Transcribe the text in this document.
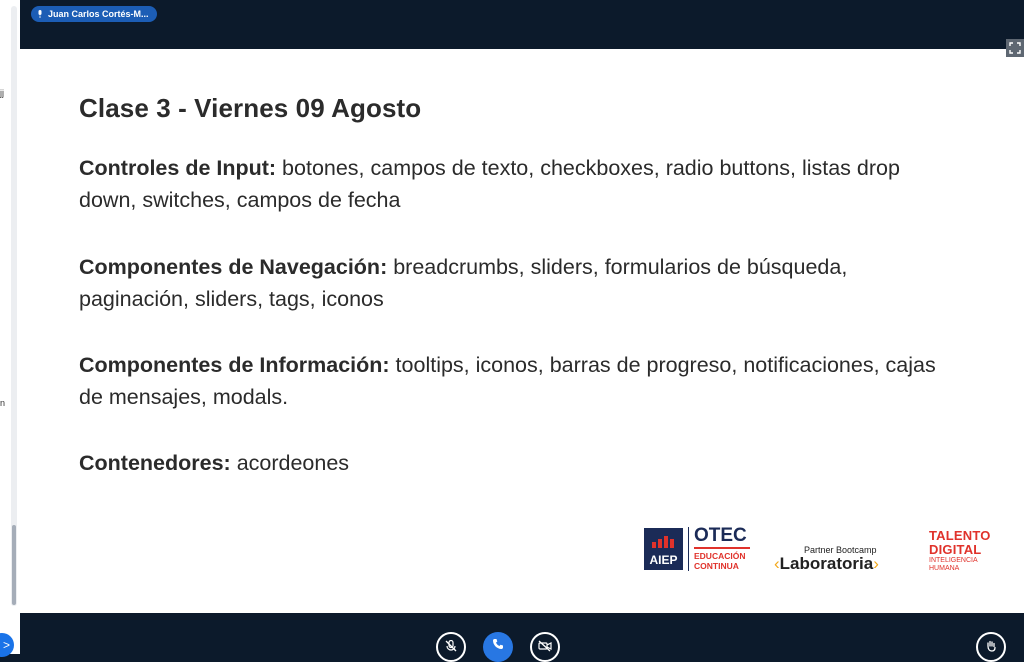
jj
n
>
Juan Carlos Cortés-M...
Clase 3 - Viernes 09 Agosto

Controles de Input: botones, campos de texto, checkboxes, radio buttons, listas drop down, switches, campos de fecha

Componentes de Navegación: breadcrumbs, sliders, formularios de búsqueda, paginación, sliders, tags, iconos

Componentes de Información: tooltips, iconos, barras de progreso, notificaciones, cajas de mensajes, modals.

Contenedores: acordeones

AIEP
OTEC
EDUCACIÓN
CONTINUA
Partner Bootcamp
‹Laboratoria›
TALENTO
DIGITAL
INTELIGENCIA
HUMANA
